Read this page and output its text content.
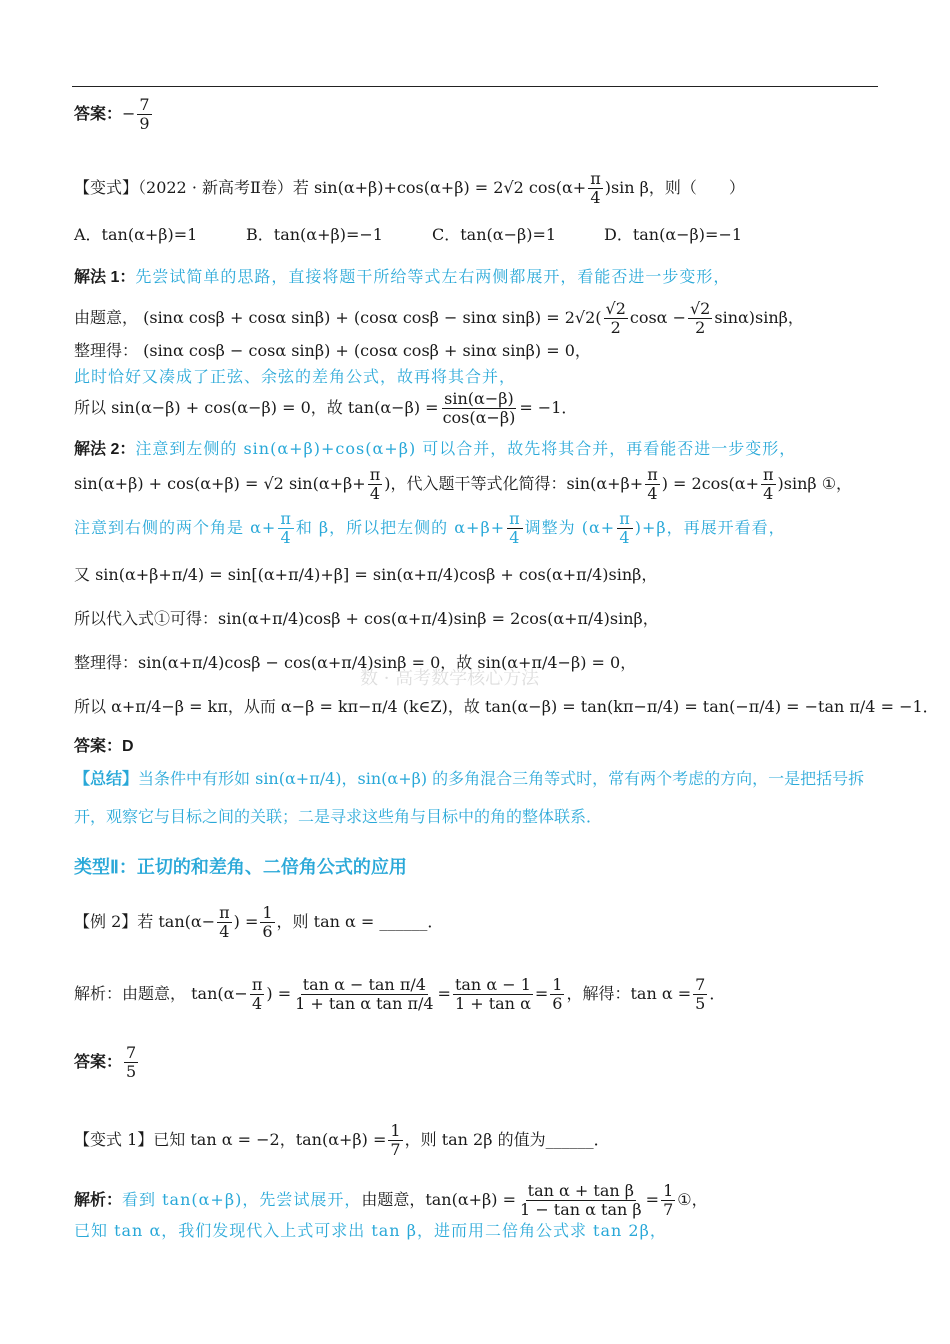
答案：− $\frac{7}{9}$
【变式】（2022 · 新高考Ⅱ卷）若 sin(α+β)+cos(α+β) = 2√2 $\cos(\alpha+ \frac{\pi}{4} )\sin$ β，则（　　）
A．tan(α+β)=1	B．tan(α+β)=−1	C．tan(α−β)=1	D．tan(α−β)=−1
解法 1：先尝试简单的思路，直接将题干所给等式左右两侧都展开，看能否进一步变形，
由题意， (sinα cosβ + cosα sinβ) + (cosα cosβ − sinα $\sin\beta) = 2√2( \frac{√2}{2}$ $\cos\alpha - \frac{√2}{2} \sin\alpha)\sin\beta$，
整理得： (sinα cosβ − cosα sinβ) + (cosα cosβ + sinα sinβ) = 0，
此时恰好又凑成了正弦、余弦的差角公式，故再将其合并，
所以 sin(α−β) + cos(α−β) = 0，故 $\tan(\alpha-\beta) = \frac{\sin(\alpha-\beta)}{\cos(\alpha-\beta)} = -1$．
解法 2：注意到左侧的 sin(α+β)+cos(α+β) 可以合并，故先将其合并，再看能否进一步变形，
sin(α+β) + cos(α+β) = √2 $\sin(\alpha+\beta+ \frac{\pi}{4}$ )，代入题干等式化简得：$\sin(\alpha+\beta+ \frac{\pi}{4}$ ) = $2\cos(\alpha+ \frac{\pi}{4} )\sin\beta$ ①，
注意到右侧的两个角是 $\alpha+ \frac{\pi}{4}$ 和 β，所以把左侧的 $\alpha+\beta+ \frac{\pi}{4}$ 调整为 $(\alpha+ \frac{\pi}{4} )+\beta$，再展开看看，
又 sin(α+β+π/4) = sin[(α+π/4)+β] = sin(α+π/4)cosβ + cos(α+π/4)sinβ，
所以代入式①可得：sin(α+π/4)cosβ + cos(α+π/4)sinβ = 2cos(α+π/4)sinβ，
整理得：sin(α+π/4)cosβ − cos(α+π/4)sinβ = 0，故 sin(α+π/4−β) = 0，
数 · 高考数学核心方法
所以 α+π/4−β = kπ，从而 α−β = kπ−π/4 (k∈Z)，故 tan(α−β) = tan(kπ−π/4) = tan(−π/4) = −tan π/4 = −1．
答案：D
【总结】当条件中有形如 sin(α+π/4)，sin(α+β) 的多角混合三角等式时，常有两个考虑的方向，一是把括号拆
开，观察它与目标之间的关联；二是寻求这些角与目标中的角的整体联系．
类型Ⅱ：正切的和差角、二倍角公式的应用
【例 2】若 $\tan(\alpha- \frac{\pi}{4}$ ) = $\frac{1}{6}$ ，则 tan α = ______．
解析：由题意， $\tan(\alpha- \frac{\pi}{4}$ ) = $\frac{\text{tan α − tan π/4}}{\text{1 + tan α tan π/4}} = \frac{\text{tan α − 1}}{\text{1 + tan α}} = \frac{1}{6}$ ，解得：$\tan \alpha = \frac{7}{5}$ ．
答案： $\frac{7}{5}$
【变式 1】已知 tan α = −2，$\tan(\alpha+\beta) = \frac{1}{7}$ ，则 tan 2β 的值为______．
解析：看到 tan(α+β)，先尝试展开，由题意，$\tan(\alpha+\beta) = \frac{\text{tan α + tan β}}{\text{1 − tan α tan β}} = \frac{1}{7}$ ①，
已知 tan α，我们发现代入上式可求出 tan β，进而用二倍角公式求 tan 2β，
